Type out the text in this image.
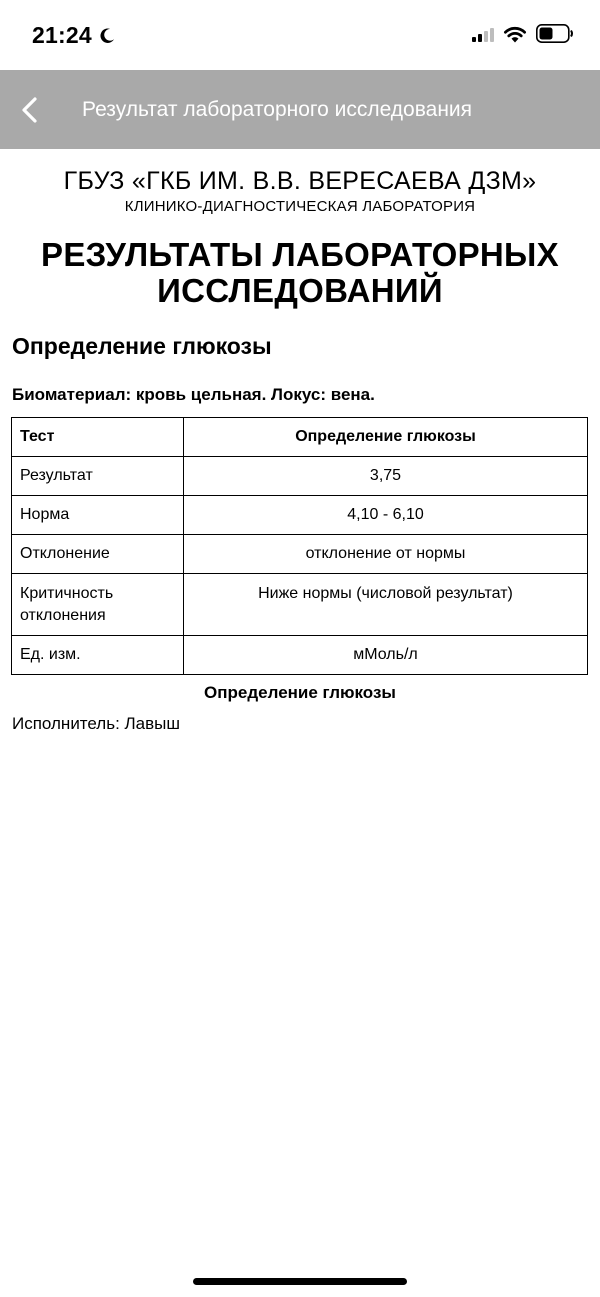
21:24
Результат лабораторного исследования
ГБУЗ «ГКБ ИМ. В.В. ВЕРЕСАЕВА ДЗМ»
КЛИНИКО-ДИАГНОСТИЧЕСКАЯ ЛАБОРАТОРИЯ
РЕЗУЛЬТАТЫ ЛАБОРАТОРНЫХ
ИССЛЕДОВАНИЙ
Определение глюкозы
Биоматериал: кровь цельная. Локус: вена.
Тест	Определение глюкозы
Результат	3,75
Норма	4,10 - 6,10
Отклонение	отклонение от нормы

Критичность
отклонения	Ниже нормы (числовой результат)
Ед. изм.	мМоль/л
Определение глюкозы
Исполнитель: Лавыш
